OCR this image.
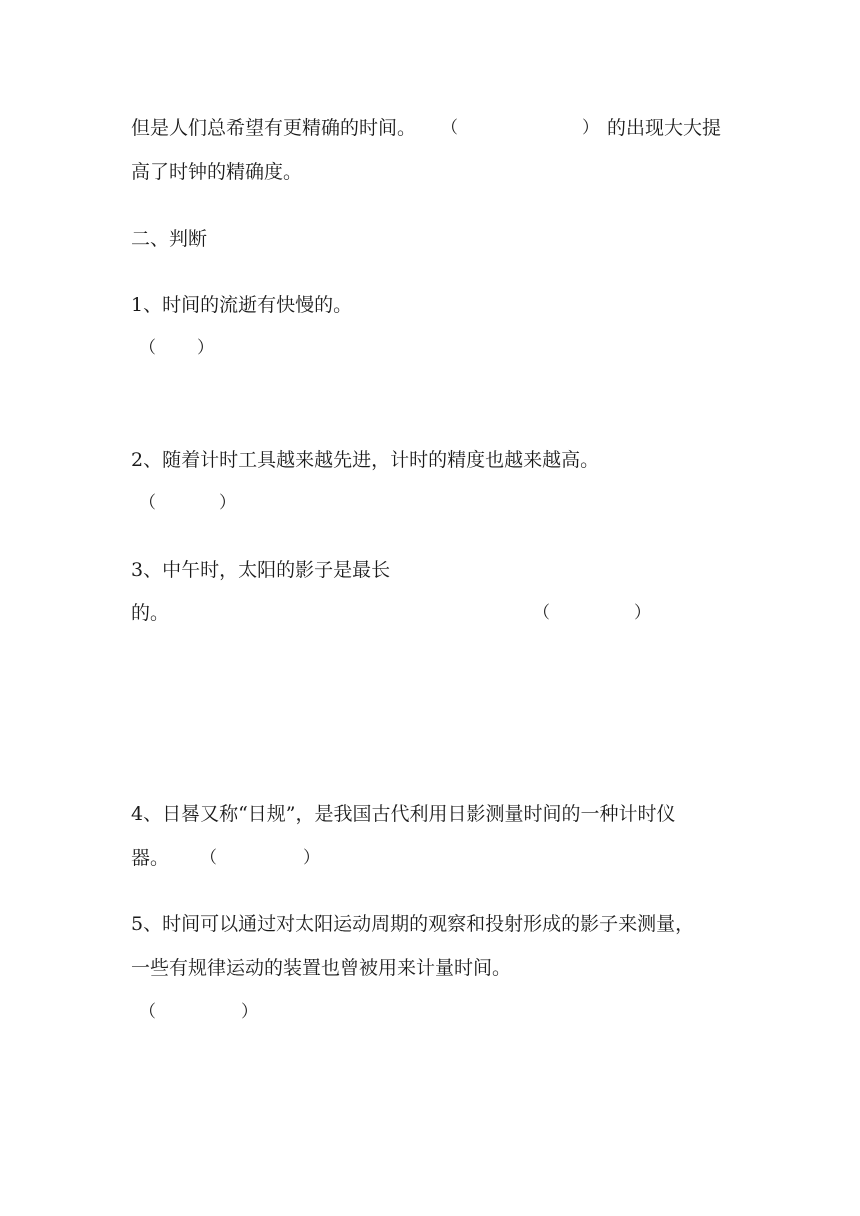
但是人们总希望有更精确的时间。 （	） 的出现大大提
高了时钟的精确度。
二、判断
1、时间的流逝有快慢的。
（ ）
2、随着计时工具越来越先进，计时的精度也越来越高。
（	）
3、中午时，太阳的影子是最长
的。	（	）
4、日晷又称“日规”，是我国古代利用日影测量时间的一种计时仪
器。 （	）
5、时间可以通过对太阳运动周期的观察和投射形成的影子来测量，
一些有规律运动的装置也曾被用来计量时间。
（	）
